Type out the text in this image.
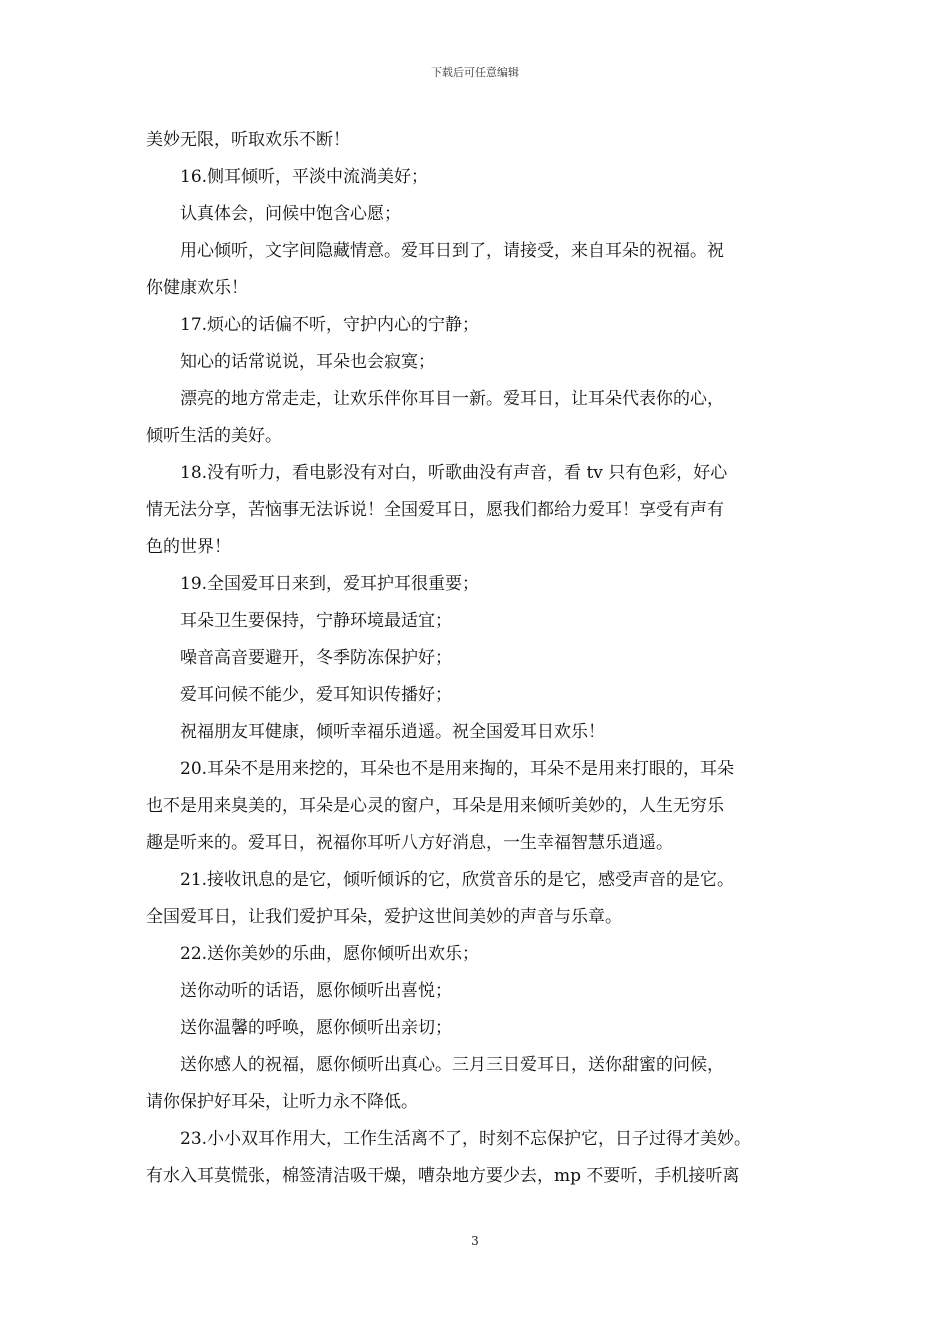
下载后可任意编辑
美妙无限，听取欢乐不断！
16.侧耳倾听，平淡中流淌美好；
认真体会，问候中饱含心愿；
用心倾听，文字间隐藏情意。爱耳日到了，请接受，来自耳朵的祝福。祝
你健康欢乐！
17.烦心的话偏不听，守护内心的宁静；
知心的话常说说，耳朵也会寂寞；
漂亮的地方常走走，让欢乐伴你耳目一新。爱耳日，让耳朵代表你的心，
倾听生活的美好。
18.没有听力，看电影没有对白，听歌曲没有声音，看 tv 只有色彩，好心
情无法分享，苦恼事无法诉说！全国爱耳日，愿我们都给力爱耳！享受有声有
色的世界！
19.全国爱耳日来到，爱耳护耳很重要；
耳朵卫生要保持，宁静环境最适宜；
噪音高音要避开，冬季防冻保护好；
爱耳问候不能少，爱耳知识传播好；
祝福朋友耳健康，倾听幸福乐逍遥。祝全国爱耳日欢乐！
20.耳朵不是用来挖的，耳朵也不是用来掏的，耳朵不是用来打眼的，耳朵
也不是用来臭美的，耳朵是心灵的窗户，耳朵是用来倾听美妙的，人生无穷乐
趣是听来的。爱耳日，祝福你耳听八方好消息，一生幸福智慧乐逍遥。
21.接收讯息的是它，倾听倾诉的它，欣赏音乐的是它，感受声音的是它。
全国爱耳日，让我们爱护耳朵，爱护这世间美妙的声音与乐章。
22.送你美妙的乐曲，愿你倾听出欢乐；
送你动听的话语，愿你倾听出喜悦；
送你温馨的呼唤，愿你倾听出亲切；
送你感人的祝福，愿你倾听出真心。三月三日爱耳日，送你甜蜜的问候，
请你保护好耳朵，让听力永不降低。
23.小小双耳作用大，工作生活离不了，时刻不忘保护它，日子过得才美妙。
有水入耳莫慌张，棉签清洁吸干燥，嘈杂地方要少去，mp 不要听，手机接听离
3
